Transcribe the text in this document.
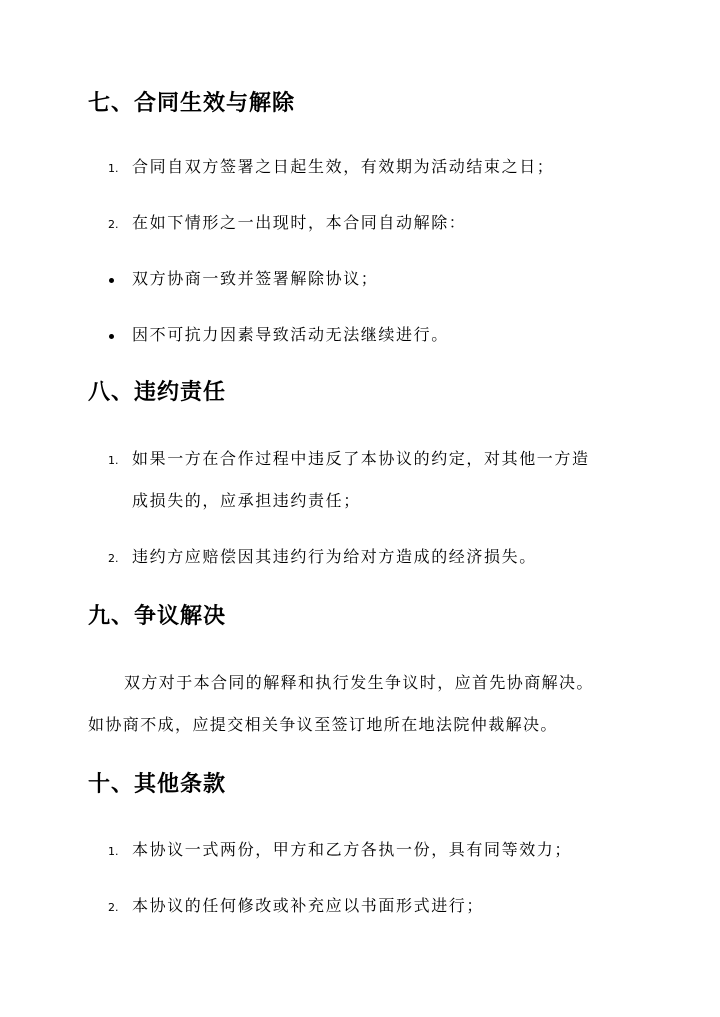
七、合同生效与解除
1. 合同自双方签署之日起生效，有效期为活动结束之日；
2. 在如下情形之一出现时，本合同自动解除：
双方协商一致并签署解除协议；
因不可抗力因素导致活动无法继续进行。
八、违约责任
1. 如果一方在合作过程中违反了本协议的约定，对其他一方造
成损失的，应承担违约责任；
2. 违约方应赔偿因其违约行为给对方造成的经济损失。
九、争议解决
双方对于本合同的解释和执行发生争议时，应首先协商解决。
如协商不成，应提交相关争议至签订地所在地法院仲裁解决。
十、其他条款
1. 本协议一式两份，甲方和乙方各执一份，具有同等效力；
2. 本协议的任何修改或补充应以书面形式进行；
